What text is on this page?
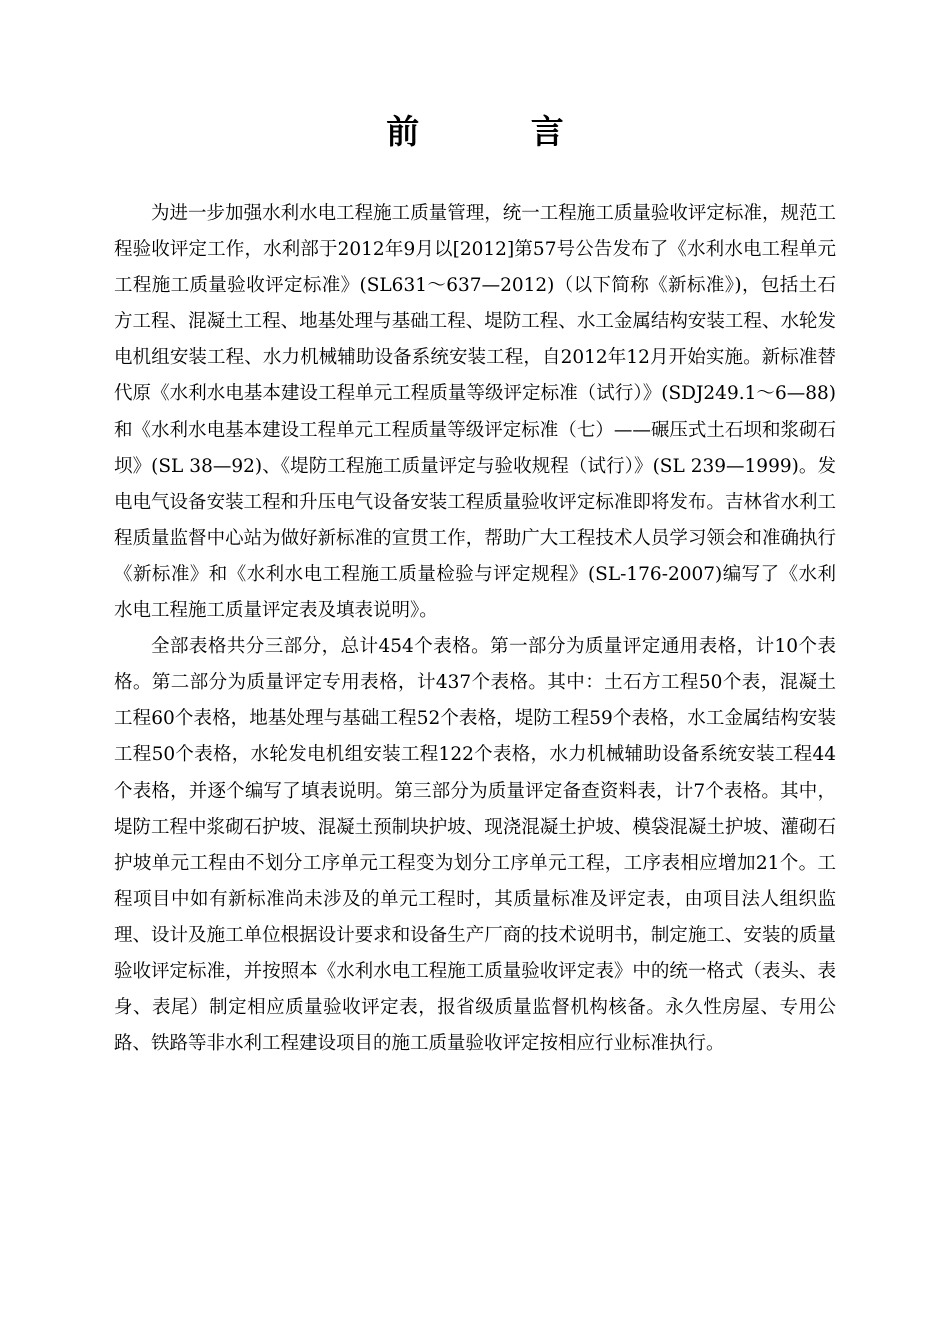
前 言

为进一步加强水利水电工程施工质量管理，统一工程施工质量验收评定标准，规范工程验收评定工作，水利部于2012年9月以[2012]第57号公告发布了《水利水电工程单元工程施工质量验收评定标准》(SL631～637—2012)（以下简称《新标准》)，包括土石方工程、混凝土工程、地基处理与基础工程、堤防工程、水工金属结构安装工程、水轮发电机组安装工程、水力机械辅助设备系统安装工程，自2012年12月开始实施。新标准替代原《水利水电基本建设工程单元工程质量等级评定标准（试行）》(SDJ249.1～6—88)和《水利水电基本建设工程单元工程质量等级评定标准（七）——碾压式土石坝和浆砌石坝》(SL 38—92)、《堤防工程施工质量评定与验收规程（试行）》(SL 239—1999)。发电电气设备安装工程和升压电气设备安装工程质量验收评定标准即将发布。吉林省水利工程质量监督中心站为做好新标准的宣贯工作，帮助广大工程技术人员学习领会和准确执行《新标准》和《水利水电工程施工质量检验与评定规程》(SL-176-2007)编写了《水利水电工程施工质量评定表及填表说明》。

全部表格共分三部分，总计454个表格。第一部分为质量评定通用表格，计10个表格。第二部分为质量评定专用表格，计437个表格。其中：土石方工程50个表，混凝土工程60个表格，地基处理与基础工程52个表格，堤防工程59个表格，水工金属结构安装工程50个表格，水轮发电机组安装工程122个表格，水力机械辅助设备系统安装工程44个表格，并逐个编写了填表说明。第三部分为质量评定备查资料表，计7个表格。其中，堤防工程中浆砌石护坡、混凝土预制块护坡、现浇混凝土护坡、模袋混凝土护坡、灌砌石护坡单元工程由不划分工序单元工程变为划分工序单元工程，工序表相应增加21个。工程项目中如有新标准尚未涉及的单元工程时，其质量标准及评定表，由项目法人组织监理、设计及施工单位根据设计要求和设备生产厂商的技术说明书，制定施工、安装的质量验收评定标准，并按照本《水利水电工程施工质量验收评定表》中的统一格式（表头、表身、表尾）制定相应质量验收评定表，报省级质量监督机构核备。永久性房屋、专用公路、铁路等非水利工程建设项目的施工质量验收评定按相应行业标准执行。
